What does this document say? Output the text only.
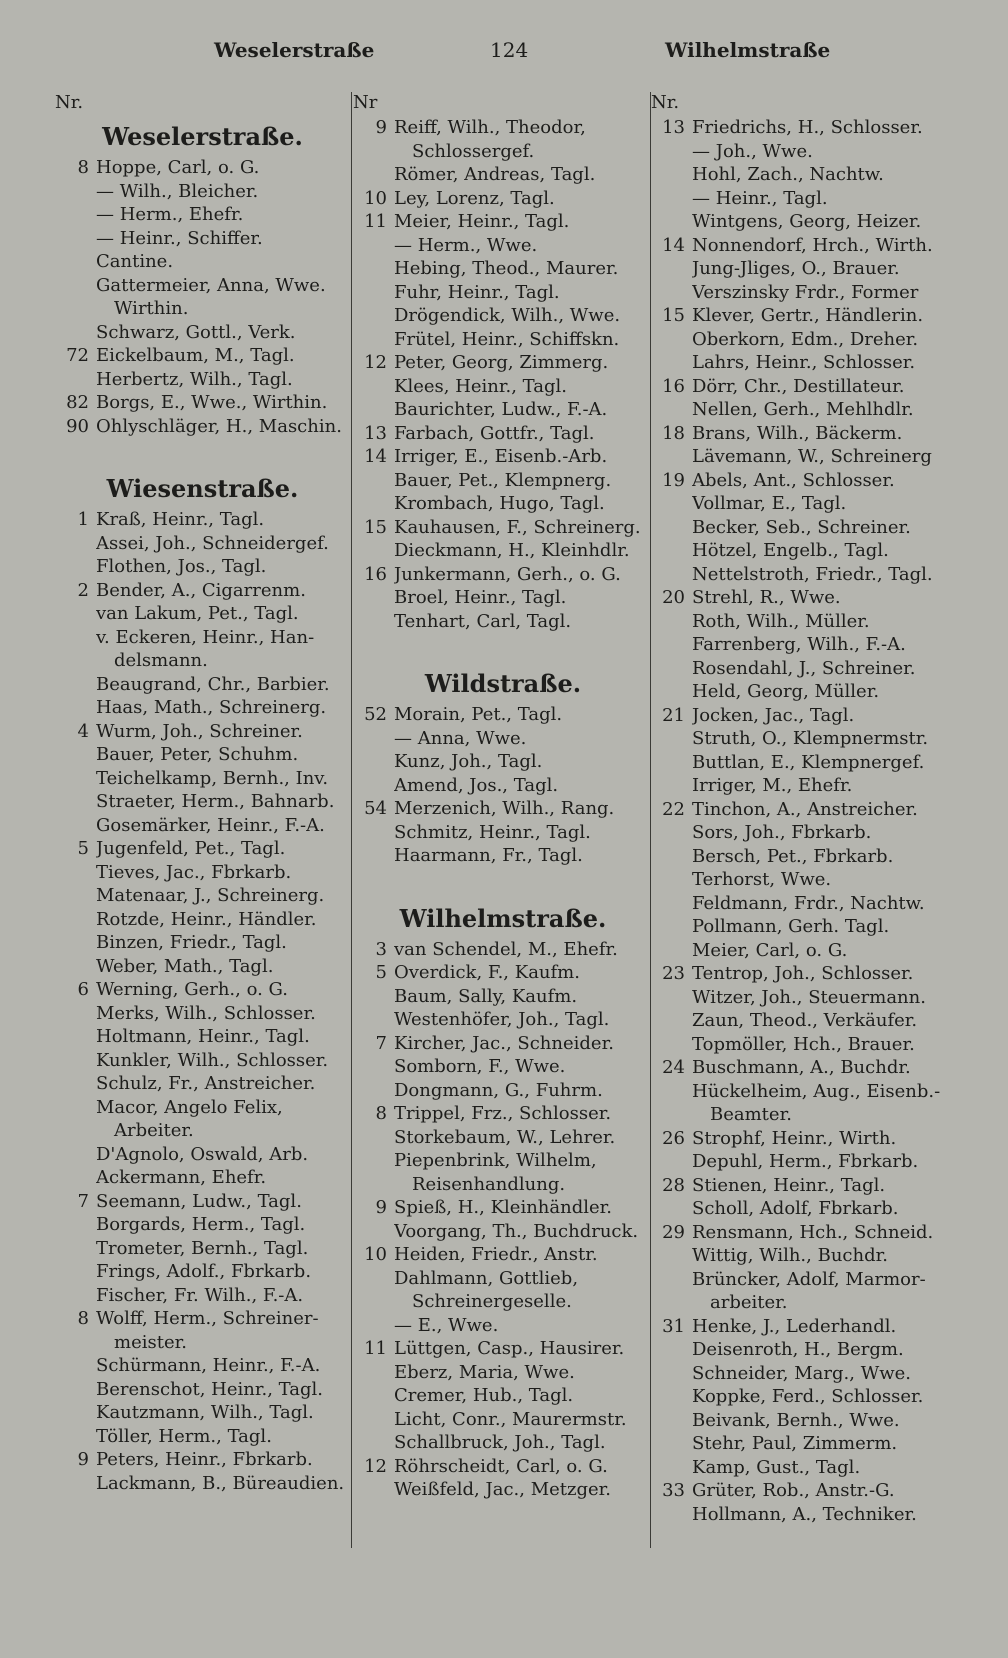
Weselerstraße	124	Wilhelmstraße
Nr.
Weselerstraße.
8 Hoppe, Carl, o. G.
— Wilh., Bleicher.
— Herm., Ehefr.
— Heinr., Schiffer.
Cantine.
Gattermeier, Anna, Wwe.
Wirthin.
Schwarz, Gottl., Verk.
72 Eickelbaum, M., Tagl.
Herbertz, Wilh., Tagl.
82 Borgs, E., Wwe., Wirthin.
90 Ohlyschläger, H., Maschin.
Wiesenstraße.
1 Kraß, Heinr., Tagl.
Assei, Joh., Schneidergef.
Flothen, Jos., Tagl.
2 Bender, A., Cigarrenm.
van Lakum, Pet., Tagl.
v. Eckeren, Heinr., Han-
delsmann.
Beaugrand, Chr., Barbier.
Haas, Math., Schreinerg.
4 Wurm, Joh., Schreiner.
Bauer, Peter, Schuhm.
Teichelkamp, Bernh., Inv.
Straeter, Herm., Bahnarb.
Gosemärker, Heinr., F.-A.
5 Jugenfeld, Pet., Tagl.
Tieves, Jac., Fbrkarb.
Matenaar, J., Schreinerg.
Rotzde, Heinr., Händler.
Binzen, Friedr., Tagl.
Weber, Math., Tagl.
6 Werning, Gerh., o. G.
Merks, Wilh., Schlosser.
Holtmann, Heinr., Tagl.
Kunkler, Wilh., Schlosser.
Schulz, Fr., Anstreicher.
Macor, Angelo Felix,
Arbeiter.
D'Agnolo, Oswald, Arb.
Ackermann, Ehefr.
7 Seemann, Ludw., Tagl.
Borgards, Herm., Tagl.
Trometer, Bernh., Tagl.
Frings, Adolf., Fbrkarb.
Fischer, Fr. Wilh., F.-A.
8 Wolff, Herm., Schreiner-
meister.
Schürmann, Heinr., F.-A.
Berenschot, Heinr., Tagl.
Kautzmann, Wilh., Tagl.
Töller, Herm., Tagl.
9 Peters, Heinr., Fbrkarb.
Lackmann, B., Büreaudien.
Nr
9 Reiff, Wilh., Theodor,
Schlossergef.
Römer, Andreas, Tagl.
10 Ley, Lorenz, Tagl.
11 Meier, Heinr., Tagl.
— Herm., Wwe.
Hebing, Theod., Maurer.
Fuhr, Heinr., Tagl.
Drögendick, Wilh., Wwe.
Frütel, Heinr., Schiffskn.
12 Peter, Georg, Zimmerg.
Klees, Heinr., Tagl.
Baurichter, Ludw., F.-A.
13 Farbach, Gottfr., Tagl.
14 Irriger, E., Eisenb.-Arb.
Bauer, Pet., Klempnerg.
Krombach, Hugo, Tagl.
15 Kauhausen, F., Schreinerg.
Dieckmann, H., Kleinhdlr.
16 Junkermann, Gerh., o. G.
Broel, Heinr., Tagl.
Tenhart, Carl, Tagl.
Wildstraße.
52 Morain, Pet., Tagl.
— Anna, Wwe.
Kunz, Joh., Tagl.
Amend, Jos., Tagl.
54 Merzenich, Wilh., Rang.
Schmitz, Heinr., Tagl.
Haarmann, Fr., Tagl.
Wilhelmstraße.
3 van Schendel, M., Ehefr.
5 Overdick, F., Kaufm.
Baum, Sally, Kaufm.
Westenhöfer, Joh., Tagl.
7 Kircher, Jac., Schneider.
Somborn, F., Wwe.
Dongmann, G., Fuhrm.
8 Trippel, Frz., Schlosser.
Storkebaum, W., Lehrer.
Piepenbrink, Wilhelm,
Reisenhandlung.
9 Spieß, H., Kleinhändler.
Voorgang, Th., Buchdruck.
10 Heiden, Friedr., Anstr.
Dahlmann, Gottlieb,
Schreinergeselle.
— E., Wwe.
11 Lüttgen, Casp., Hausirer.
Eberz, Maria, Wwe.
Cremer, Hub., Tagl.
Licht, Conr., Maurermstr.
Schallbruck, Joh., Tagl.
12 Röhrscheidt, Carl, o. G.
Weißfeld, Jac., Metzger.
Nr.
13 Friedrichs, H., Schlosser.
— Joh., Wwe.
Hohl, Zach., Nachtw.
— Heinr., Tagl.
Wintgens, Georg, Heizer.
14 Nonnendorf, Hrch., Wirth.
Jung-Jliges, O., Brauer.
Verszinsky Frdr., Former
15 Klever, Gertr., Händlerin.
Oberkorn, Edm., Dreher.
Lahrs, Heinr., Schlosser.
16 Dörr, Chr., Destillateur.
Nellen, Gerh., Mehlhdlr.
18 Brans, Wilh., Bäckerm.
Lävemann, W., Schreinerg
19 Abels, Ant., Schlosser.
Vollmar, E., Tagl.
Becker, Seb., Schreiner.
Hötzel, Engelb., Tagl.
Nettelstroth, Friedr., Tagl.
20 Strehl, R., Wwe.
Roth, Wilh., Müller.
Farrenberg, Wilh., F.-A.
Rosendahl, J., Schreiner.
Held, Georg, Müller.
21 Jocken, Jac., Tagl.
Struth, O., Klempnermstr.
Buttlan, E., Klempnergef.
Irriger, M., Ehefr.
22 Tinchon, A., Anstreicher.
Sors, Joh., Fbrkarb.
Bersch, Pet., Fbrkarb.
Terhorst, Wwe.
Feldmann, Frdr., Nachtw.
Pollmann, Gerh. Tagl.
Meier, Carl, o. G.
23 Tentrop, Joh., Schlosser.
Witzer, Joh., Steuermann.
Zaun, Theod., Verkäufer.
Topmöller, Hch., Brauer.
24 Buschmann, A., Buchdr.
Hückelheim, Aug., Eisenb.-
Beamter.
26 Strophf, Heinr., Wirth.
Depuhl, Herm., Fbrkarb.
28 Stienen, Heinr., Tagl.
Scholl, Adolf, Fbrkarb.
29 Rensmann, Hch., Schneid.
Wittig, Wilh., Buchdr.
Brüncker, Adolf, Marmor-
arbeiter.
31 Henke, J., Lederhandl.
Deisenroth, H., Bergm.
Schneider, Marg., Wwe.
Koppke, Ferd., Schlosser.
Beivank, Bernh., Wwe.
Stehr, Paul, Zimmerm.
Kamp, Gust., Tagl.
33 Grüter, Rob., Anstr.-G.
Hollmann, A., Techniker.
